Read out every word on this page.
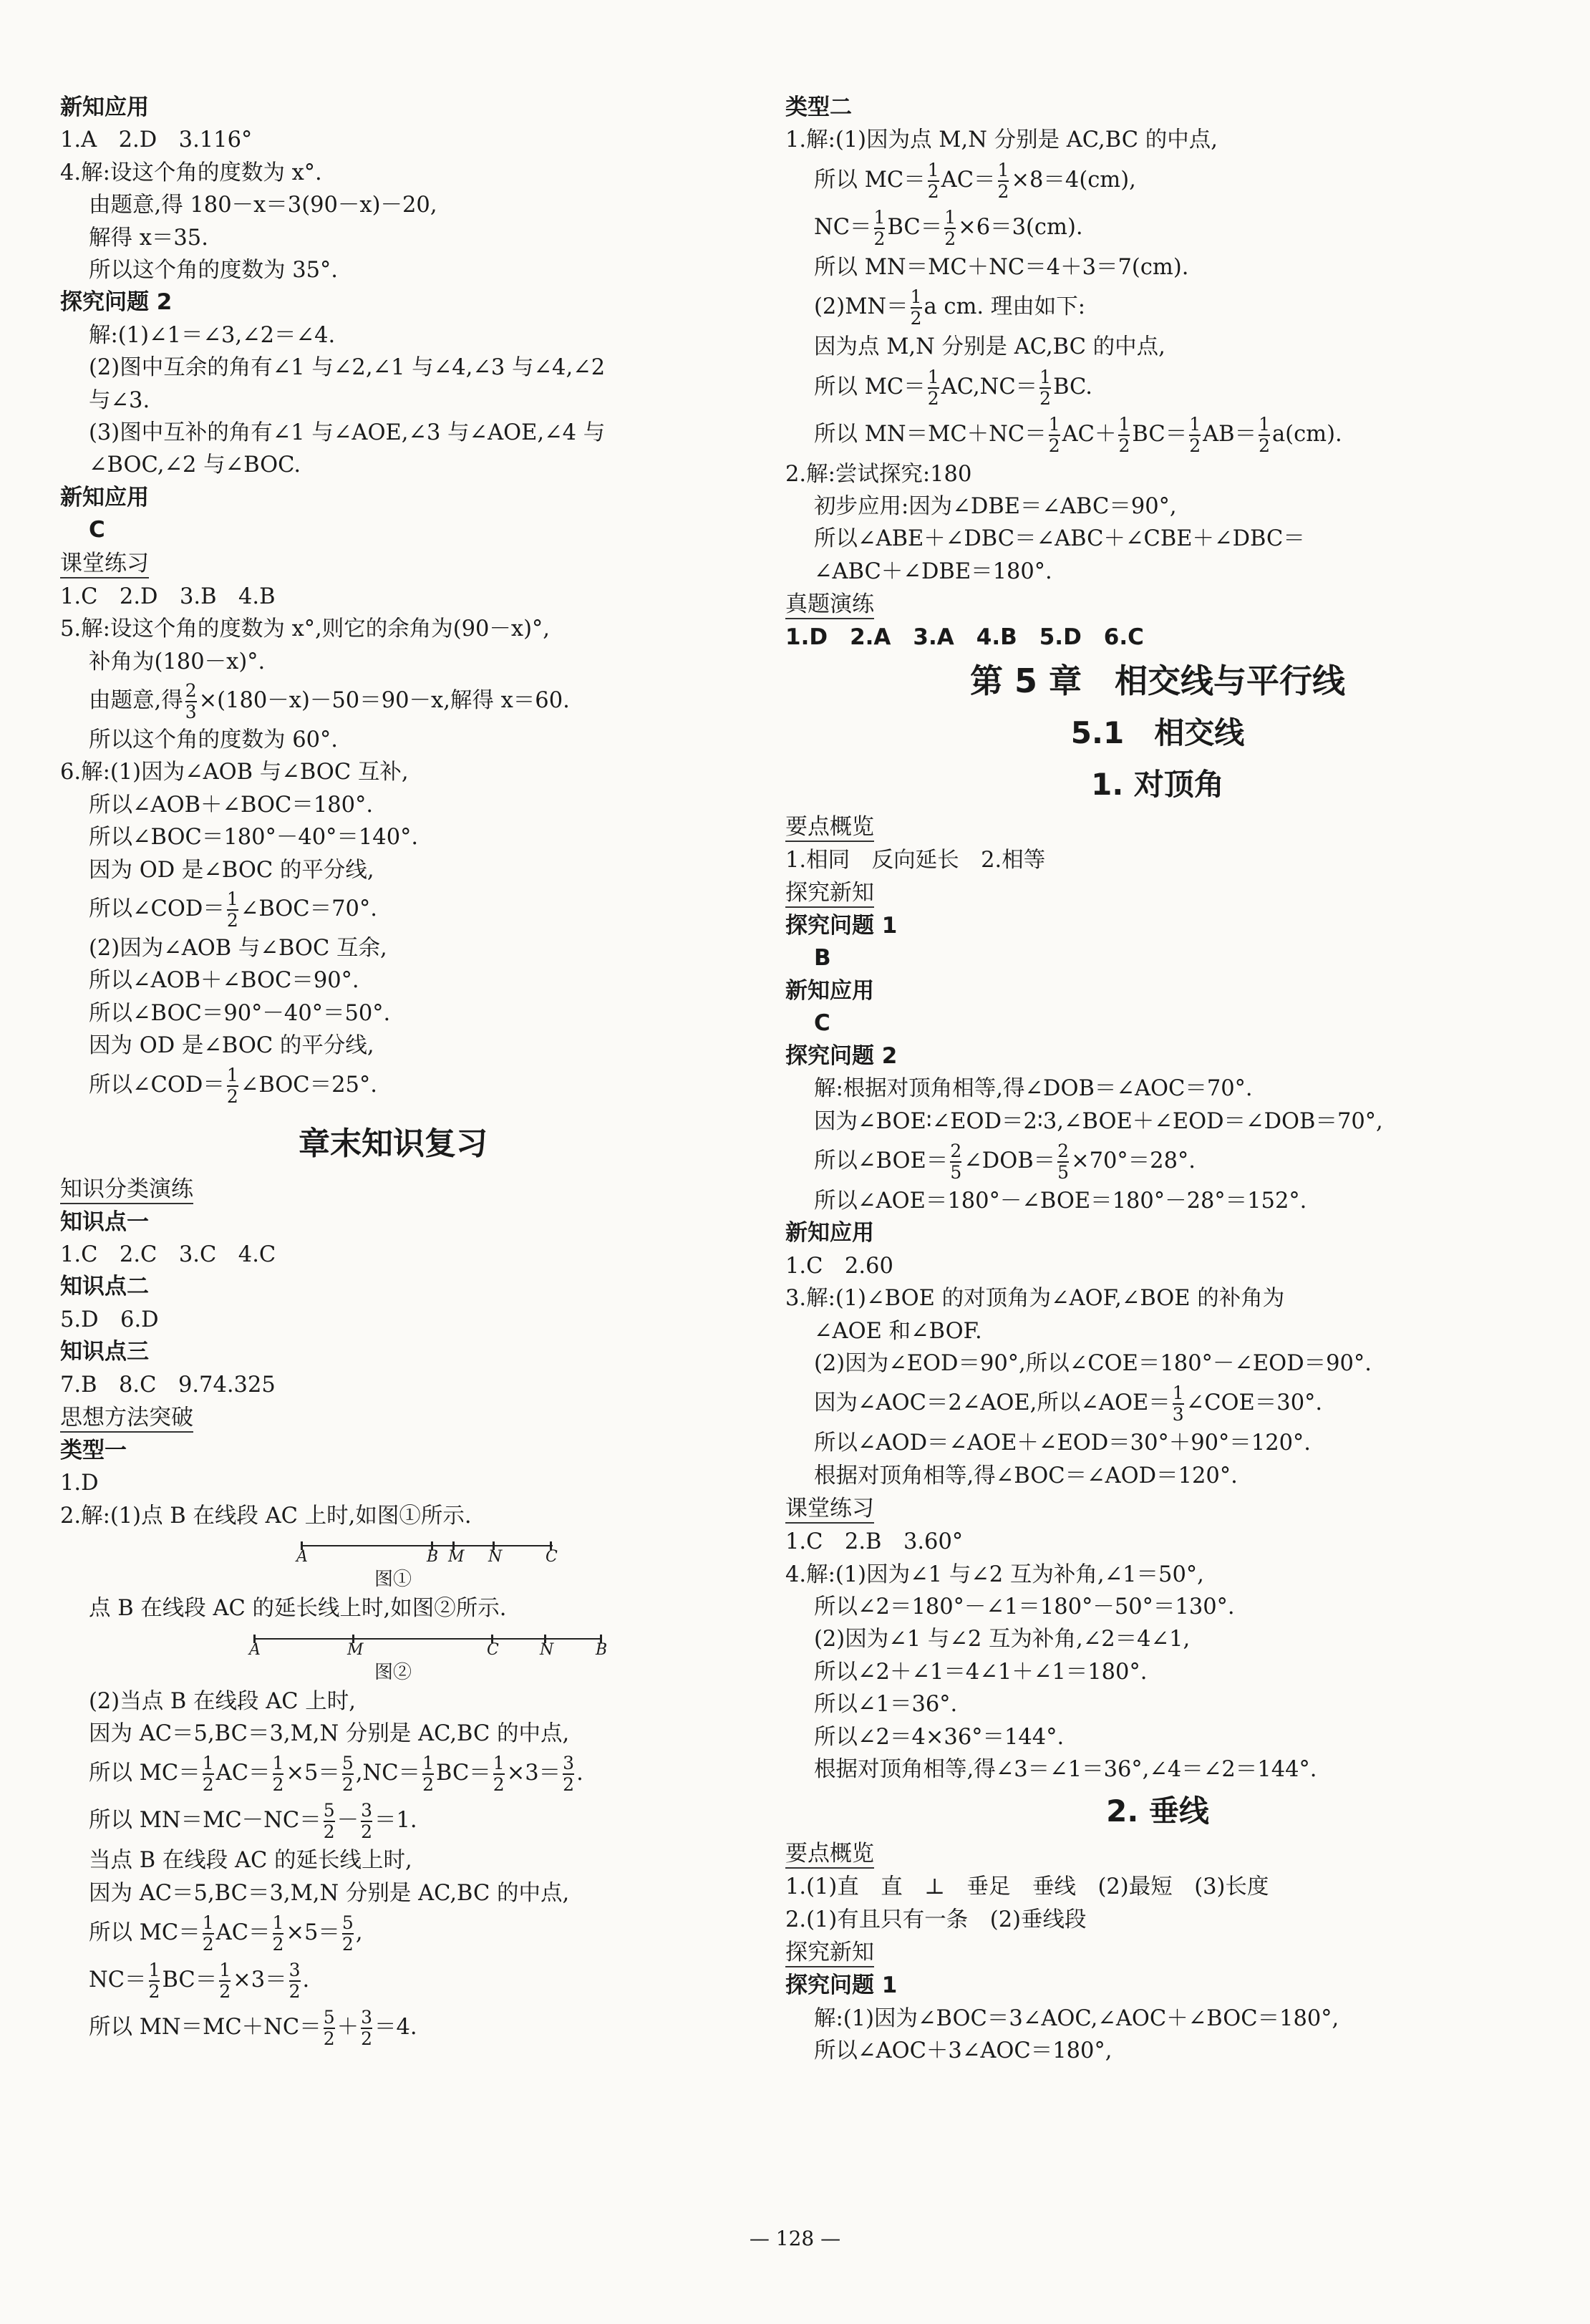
新知应用
1.A　2.D　3.116°
4.解:设这个角的度数为 x°.
由题意,得 180－x＝3(90－x)－20,
解得 x＝35.
所以这个角的度数为 35°.
探究问题 2
解:(1)∠1＝∠3,∠2＝∠4.
(2)图中互余的角有∠1 与∠2,∠1 与∠4,∠3 与∠4,∠2
与∠3.
(3)图中互补的角有∠1 与∠AOE,∠3 与∠AOE,∠4 与
∠BOC,∠2 与∠BOC.
新知应用
C
课堂练习
1.C　2.D　3.B　4.B
5.解:设这个角的度数为 x°,则它的余角为(90－x)°,
补角为(180－x)°.
由题意,得 $\frac{2}{3} \times(180-x)-50=90-x$,解得 x＝60.
所以这个角的度数为 60°.
6.解:(1)因为∠AOB 与∠BOC 互补,
所以∠AOB＋∠BOC＝180°.
所以∠BOC＝180°－40°＝140°.
因为 OD 是∠BOC 的平分线,
所以∠COD＝ $\frac{1}{2}$ ∠BOC＝70°.
(2)因为∠AOB 与∠BOC 互余,
所以∠AOB＋∠BOC＝90°.
所以∠BOC＝90°－40°＝50°.
因为 OD 是∠BOC 的平分线,
所以∠COD＝ $\frac{1}{2}$ ∠BOC＝25°.
章末知识复习
知识分类演练
知识点一
1.C　2.C　3.C　4.C
知识点二
5.D　6.D
知识点三
7.B　8.C　9.74.325
思想方法突破
类型一
1.D
2.解:(1)点 B 在线段 AC 上时,如图①所示.
A	B M N	C
图①
点 B 在线段 AC 的延长线上时,如图②所示.
A	M	C	N	B
图②
(2)当点 B 在线段 AC 上时,
因为 AC＝5,BC＝3,M,N 分别是 AC,BC 的中点,
所以 $MC= \frac{1}{2} AC= \frac{1}{2} \times 5= \frac{5}{2} ,NC= \frac{1}{2} BC= \frac{1}{2} \times 3= \frac{3}{2}$ .
所以 $MN=MC-NC= \frac{5}{2} - \frac{3}{2} =1$.
当点 B 在线段 AC 的延长线上时,
因为 AC＝5,BC＝3,M,N 分别是 AC,BC 的中点,
所以 $MC= \frac{1}{2} AC= \frac{1}{2} \times 5= \frac{5}{2}$ ,
$NC= \frac{1}{2} BC= \frac{1}{2} \times 3= \frac{3}{2}$ .
所以 $MN=MC+NC= \frac{5}{2} + \frac{3}{2} =4$.
类型二
1.解:(1)因为点 M,N 分别是 AC,BC 的中点,
所以 $MC= \frac{1}{2} AC= \frac{1}{2} \times 8=4(cm)$,
$NC= \frac{1}{2} BC= \frac{1}{2} \times 6=3(cm)$.
所以 MN＝MC＋NC＝4＋3＝7(cm).
$(2)MN= \frac{1}{2}$ a cm. 理由如下:
因为点 M,N 分别是 AC,BC 的中点,
所以 $MC= \frac{1}{2} AC,NC= \frac{1}{2}$ BC.
所以 $MN=MC+NC= \frac{1}{2} AC+ \frac{1}{2} BC= \frac{1}{2} AB= \frac{1}{2} a(cm)$.
2.解:尝试探究:180
初步应用:因为∠DBE＝∠ABC＝90°,
所以∠ABE＋∠DBC＝∠ABC＋∠CBE＋∠DBC＝
∠ABC＋∠DBE＝180°.
真题演练
1.D　2.A　3.A　4.B　5.D　6.C
第 5 章　相交线与平行线
5.1　相交线
1. 对顶角
要点概览
1.相同　反向延长　2.相等
探究新知
探究问题 1
B
新知应用
C
探究问题 2
解:根据对顶角相等,得∠DOB＝∠AOC＝70°.
因为∠BOE∶∠EOD＝2∶3,∠BOE＋∠EOD＝∠DOB＝70°,
所以∠BOE＝ $\frac{2}{5}$ ∠DOB＝ $\frac{2}{5} \times 70^\circ=28^\circ$.
所以∠AOE＝180°－∠BOE＝180°－28°＝152°.
新知应用
1.C　2.60
3.解:(1)∠BOE 的对顶角为∠AOF,∠BOE 的补角为
∠AOE 和∠BOF.
(2)因为∠EOD＝90°,所以∠COE＝180°－∠EOD＝90°.
因为∠AOC＝2∠AOE,所以∠AOE＝ $\frac{1}{3}$ ∠COE＝30°.
所以∠AOD＝∠AOE＋∠EOD＝30°＋90°＝120°.
根据对顶角相等,得∠BOC＝∠AOD＝120°.
课堂练习
1.C　2.B　3.60°
4.解:(1)因为∠1 与∠2 互为补角,∠1＝50°,
所以∠2＝180°－∠1＝180°－50°＝130°.
(2)因为∠1 与∠2 互为补角,∠2＝4∠1,
所以∠2＋∠1＝4∠1＋∠1＝180°.
所以∠1＝36°.
所以∠2＝4×36°＝144°.
根据对顶角相等,得∠3＝∠1＝36°,∠4＝∠2＝144°.
2. 垂线
要点概览
1.(1)直　直　⊥　垂足　垂线　(2)最短　(3)长度
2.(1)有且只有一条　(2)垂线段
探究新知
探究问题 1
解:(1)因为∠BOC＝3∠AOC,∠AOC＋∠BOC＝180°,
所以∠AOC＋3∠AOC＝180°,
— 128 —
